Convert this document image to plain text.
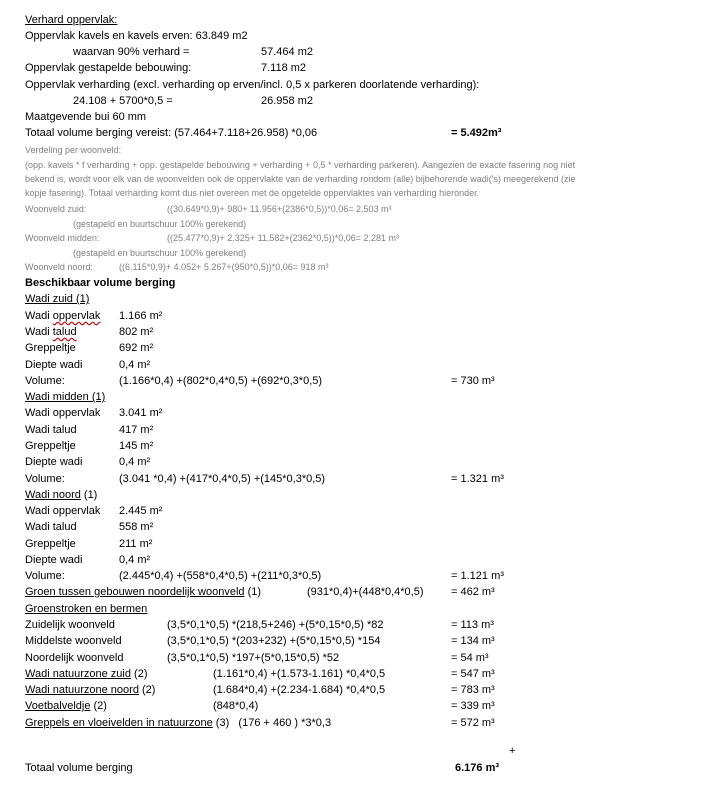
Verhard oppervlak:
Oppervlak kavels en kavels erven: 63.849 m2
waarvan 90% verhard =	57.464 m2
Oppervlak gestapelde bebouwing:	7.118 m2
Oppervlak verharding (excl. verharding op erven/incl. 0,5 x parkeren doorlatende verharding):
24.108 + 5700*0,5 =	26.958 m2
Maatgevende bui 60 mm
Totaal volume berging vereist: (57.464+7.118+26.958) *0,06	= 5.492m³
Verdeling per woonveld:
(opp. kavels * f verharding + opp. gestapelde bebouwing + verharding + 0,5 * verharding parkeren). Aangezien de exacte fasering nog niet
bekend is, wordt voor elk van de woonvelden ook de oppervlakte van de verharding rondom (alle) bijbehorende wadi('s) meegerekend (zie
kopje fasering). Totaal verharding komt dus niet overeen met de opgetelde oppervlaktes van verharding hieronder.
Woonveld zuid:	((30.649*0,9)+ 980+ 11.956+(2386*0,5))*0,06= 2.503 m³
(gestapeld en buurtschuur 100% gerekend)
Woonveld midden:	((25.477*0,9)+ 2.325+ 11.582+(2362*0,5))*0,06= 2.281 m³
(gestapeld en buurtschuur 100% gerekend)
Woonveld noord:	((6.115*0,9)+ 4.052+ 5.267+(950*0,5))*0,06= 918 m³
Beschikbaar volume berging
Wadi zuid (1)
Wadi oppervlak 1.166 m²
Wadi talud	802 m²
Greppeltje	692 m²
Diepte wadi	0,4 m²
Volume:	(1.166*0,4) +(802*0,4*0,5) +(692*0,3*0,5)	= 730 m³
Wadi midden (1)
Wadi oppervlak 3.041 m²
Wadi talud	417 m²
Greppeltje	145 m²
Diepte wadi	0,4 m²
Volume:	(3.041 *0,4) +(417*0,4*0,5) +(145*0,3*0,5)	= 1.321 m³
Wadi noord (1)
Wadi oppervlak 2.445 m²
Wadi talud	558 m²
Greppeltje	211 m²
Diepte wadi	0,4 m²
Volume:	(2.445*0,4) +(558*0,4*0,5) +(211*0,3*0,5)	= 1.121 m³
Groen tussen gebouwen noordelijk woonveld (1)	(931*0,4)+(448*0,4*0,5)	= 462 m³
Groenstroken en bermen
Zuidelijk woonveld	(3,5*0,1*0,5) *(218,5+246) +(5*0,15*0,5) *82	= 113 m³
Middelste woonveld	(3,5*0,1*0,5) *(203+232) +(5*0,15*0,5) *154	= 134 m³
Noordelijk woonveld	(3,5*0,1*0,5) *197+(5*0,15*0,5) *52	= 54 m³
Wadi natuurzone zuid (2)	(1.161*0,4) +(1.573-1.161) *0,4*0,5	= 547 m³
Wadi natuurzone noord (2)	(1.684*0,4) +(2.234-1.684) *0,4*0,5	= 783 m³
Voetbalveldje (2)	(848*0,4)	= 339 m³
Greppels en vloeivelden in natuurzone (3)   (176 + 460 ) *3*0,3	= 572 m³
+
Totaal volume berging	6.176 m³
